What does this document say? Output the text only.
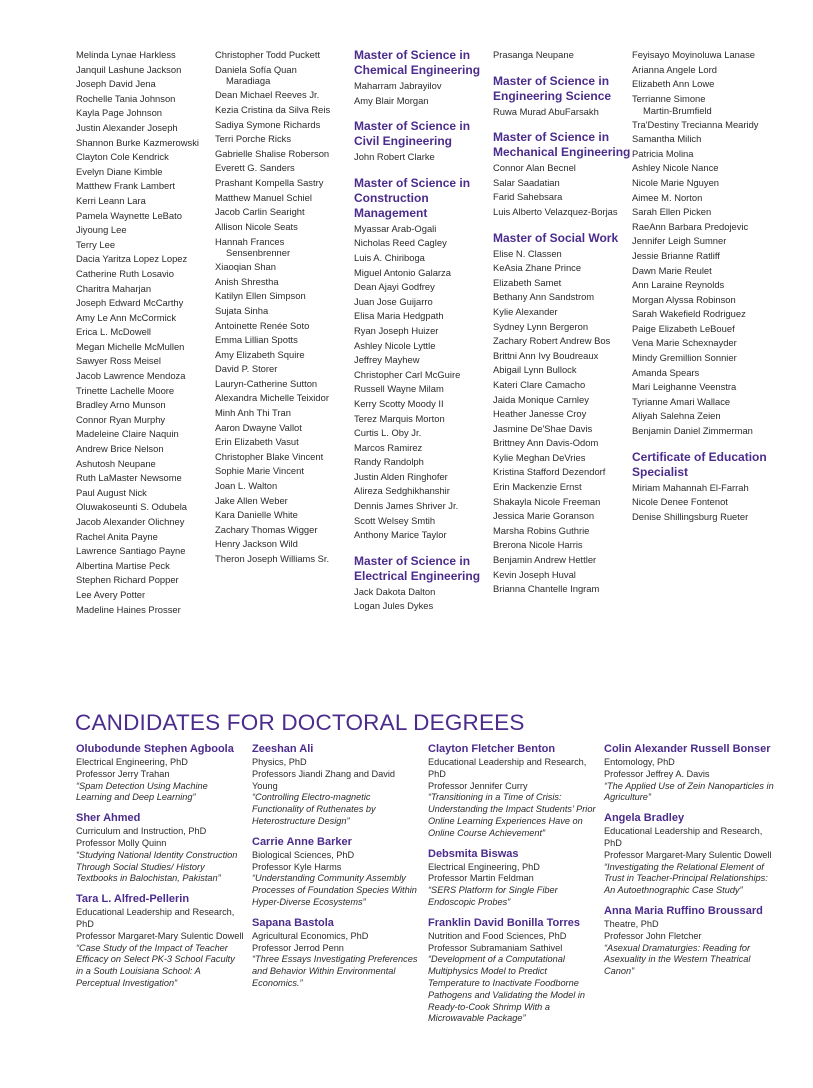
Melinda Lynae Harkless
Janquil Lashune Jackson
Joseph David Jena
Rochelle Tania Johnson
Kayla Page Johnson
Justin Alexander Joseph
Shannon Burke Kazmerowski
Clayton Cole Kendrick
Evelyn Diane Kimble
Matthew Frank Lambert
Kerri Leann Lara
Pamela Waynette LeBato
Jiyoung Lee
Terry Lee
Dacia Yaritza Lopez Lopez
Catherine Ruth Losavio
Charitra Maharjan
Joseph Edward McCarthy
Amy Le Ann McCormick
Erica L. McDowell
Megan Michelle McMullen
Sawyer Ross Meisel
Jacob Lawrence Mendoza
Trinette Lachelle Moore
Bradley Arno Munson
Connor Ryan Murphy
Madeleine Claire Naquin
Andrew Brice Nelson
Ashutosh Neupane
Ruth LaMaster Newsome
Paul August Nick
Oluwakoseunti S. Odubela
Jacob Alexander Olichney
Rachel Anita Payne
Lawrence Santiago Payne
Albertina Martise Peck
Stephen Richard Popper
Lee Avery Potter
Madeline Haines Prosser
Christopher Todd Puckett
Daniela Sofía Quan
Maradiaga
Dean Michael Reeves Jr.
Kezia Cristina da Silva Reis
Sadiya Symone Richards
Terri Porche Ricks
Gabrielle Shalise Roberson
Everett G. Sanders
Prashant Kompella Sastry
Matthew Manuel Schiel
Jacob Carlin Searight
Allison Nicole Seats
Hannah Frances
Sensenbrenner
Xiaoqian Shan
Anish Shrestha
Katilyn Ellen Simpson
Sujata Sinha
Antoinette Renée Soto
Emma Lillian Spotts
Amy Elizabeth Squire
David P. Storer
Lauryn-Catherine Sutton
Alexandra Michelle Teixidor
Minh Anh Thi Tran
Aaron Dwayne Vallot
Erin Elizabeth Vasut
Christopher Blake Vincent
Sophie Marie Vincent
Joan L. Walton
Jake Allen Weber
Kara Danielle White
Zachary Thomas Wigger
Henry Jackson Wild
Theron Joseph Williams Sr.
Master of Science in Chemical Engineering
Maharram Jabrayilov
Amy Blair Morgan
Master of Science in Civil Engineering
John Robert Clarke
Master of Science in Construction Management
Myassar Arab-Ogali
Nicholas Reed Cagley
Luis A. Chiriboga
Miguel Antonio Galarza
Dean Ajayi Godfrey
Juan Jose Guijarro
Elisa Maria Hedgpath
Ryan Joseph Huizer
Ashley Nicole Lyttle
Jeffrey Mayhew
Christopher Carl McGuire
Russell Wayne Milam
Kerry Scotty Moody II
Terez Marquis Morton
Curtis L. Oby Jr.
Marcos Ramirez
Randy Randolph
Justin Alden Ringhofer
Alireza Sedghikhanshir
Dennis James Shriver Jr.
Scott Welsey Smtih
Anthony Marice Taylor
Master of Science in Electrical Engineering
Jack Dakota Dalton
Logan Jules Dykes
Prasanga Neupane
Master of Science in Engineering Science
Ruwa Murad AbuFarsakh
Master of Science in Mechanical Engineering
Connor Alan Becnel
Salar Saadatian
Farid Sahebsara
Luis Alberto Velazquez-Borjas
Master of Social Work
Elise N. Classen
KeAsia Zhane Prince
Elizabeth Samet
Bethany Ann Sandstrom
Kylie Alexander
Sydney Lynn Bergeron
Zachary Robert Andrew Bos
Brittni Ann Ivy Boudreaux
Abigail Lynn Bullock
Kateri Clare Camacho
Jaida Monique Carnley
Heather Janesse Croy
Jasmine De'Shae Davis
Brittney Ann Davis-Odom
Kylie Meghan DeVries
Kristina Stafford Dezendorf
Erin Mackenzie Ernst
Shakayla Nicole Freeman
Jessica Marie Goranson
Marsha Robins Guthrie
Brerona Nicole Harris
Benjamin Andrew Hettler
Kevin Joseph Huval
Brianna Chantelle Ingram
Feyisayo Moyinoluwa Lanase
Arianna Angele Lord
Elizabeth Ann Lowe
Terrianne Simone
Martin-Brumfield
Tra'Destiny Trecianna Mearidy
Samantha Milich
Patricia Molina
Ashley Nicole Nance
Nicole Marie Nguyen
Aimee M. Norton
Sarah Ellen Picken
RaeAnn Barbara Predojevic
Jennifer Leigh Sumner
Jessie Brianne Ratliff
Dawn Marie Reulet
Ann Laraine Reynolds
Morgan Alyssa Robinson
Sarah Wakefield Rodriguez
Paige Elizabeth LeBouef
Vena Marie Schexnayder
Mindy Gremillion Sonnier
Amanda Spears
Mari Leighanne Veenstra
Tyrianne Amari Wallace
Aliyah Salehna Zeien
Benjamin Daniel Zimmerman
Certificate of Education Specialist
Miriam Mahannah El-Farrah
Nicole Denee Fontenot
Denise Shillingsburg Rueter
CANDIDATES FOR DOCTORAL DEGREES
Olubodunde Stephen Agboola
Electrical Engineering, PhD
Professor Jerry Trahan
“Spam Detection Using Machine Learning and Deep Learning”
Sher Ahmed
Curriculum and Instruction, PhD
Professor Molly Quinn
“Studying National Identity Construction Through Social Studies/ History Textbooks in Balochistan, Pakistan”
Tara L. Alfred-Pellerin
Educational Leadership and Research, PhD
Professor Margaret-Mary Sulentic Dowell
“Case Study of the Impact of Teacher Efficacy on Select PK-3 School Faculty in a South Louisiana School: A Perceptual Investigation”
Zeeshan Ali
Physics, PhD
Professors Jiandi Zhang and David Young
“Controlling Electro-magnetic Functionality of Ruthenates by Heterostructure Design”
Carrie Anne Barker
Biological Sciences, PhD
Professor Kyle Harms
“Understanding Community Assembly Processes of Foundation Species Within Hyper-Diverse Ecosystems”
Sapana Bastola
Agricultural Economics, PhD
Professor Jerrod Penn
“Three Essays Investigating Preferences and Behavior Within Environmental Economics.”
Clayton Fletcher Benton
Educational Leadership and Research, PhD
Professor Jennifer Curry
“Transitioning in a Time of Crisis: Understanding the Impact Students’ Prior Online Learning Experiences Have on Online Course Achievement”
Debsmita Biswas
Electrical Engineering, PhD
Professor Martin Feldman
“SERS Platform for Single Fiber Endoscopic Probes”
Franklin David Bonilla Torres
Nutrition and Food Sciences, PhD
Professor Subramaniam Sathivel
“Development of a Computational Multiphysics Model to Predict Temperature to Inactivate Foodborne Pathogens and Validating the Model in Ready-to-Cook Shrimp With a Microwavable Package”
Colin Alexander Russell Bonser
Entomology, PhD
Professor Jeffrey A. Davis
“The Applied Use of Zein Nanoparticles in Agriculture”
Angela Bradley
Educational Leadership and Research, PhD
Professor Margaret-Mary Sulentic Dowell
“Investigating the Relational Element of Trust in Teacher-Principal Relationships: An Autoethnographic Case Study”
Anna Maria Ruffino Broussard
Theatre, PhD
Professor John Fletcher
“Asexual Dramaturgies: Reading for Asexuality in the Western Theatrical Canon”
